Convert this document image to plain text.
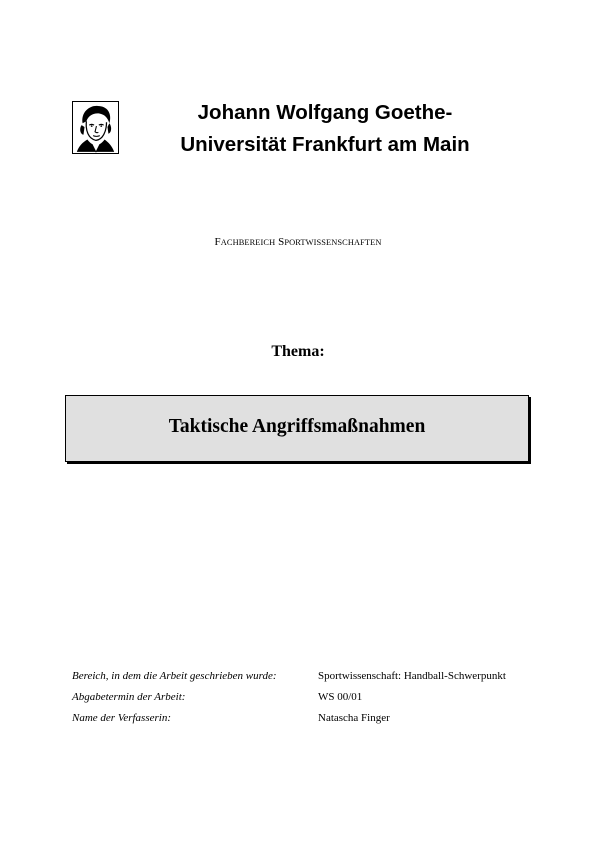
Johann Wolfgang Goethe-
Universität Frankfurt am Main
FACHBEREICH SPORTWISSENSCHAFTEN
Thema:
Taktische Angriffsmaßnahmen
Bereich, in dem die Arbeit geschrieben wurde:	Sportwissenschaft: Handball-Schwerpunkt
Abgabetermin der Arbeit:	WS 00/01
Name der Verfasserin:	Natascha Finger
